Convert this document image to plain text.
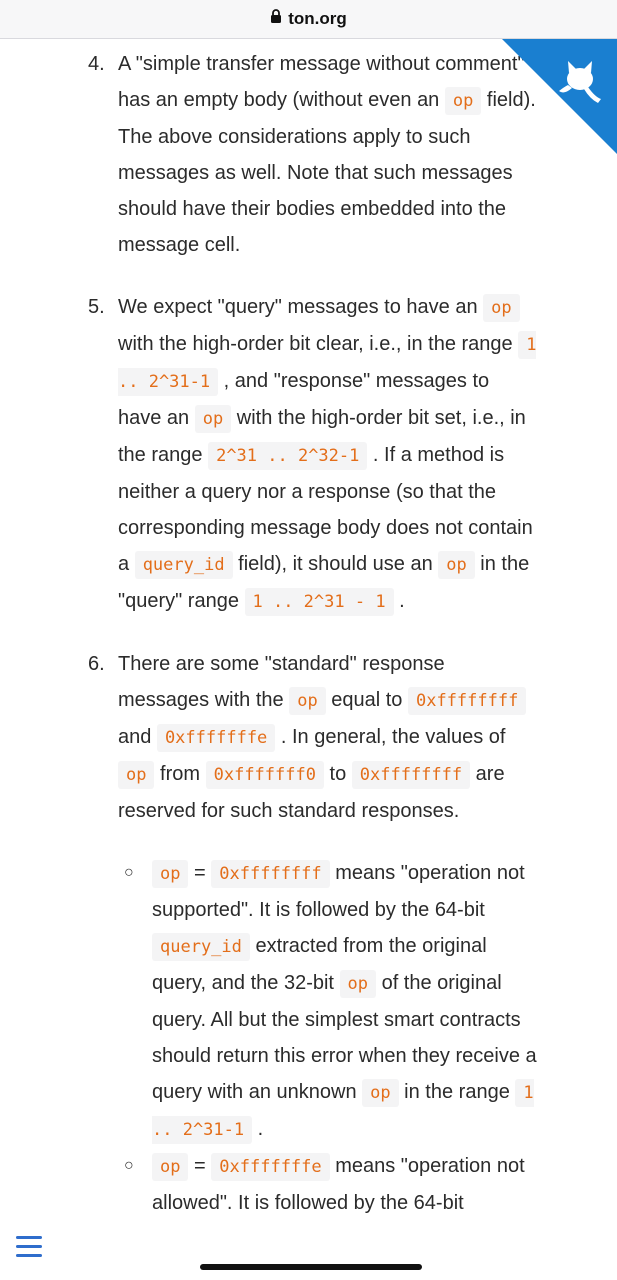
ton.org
4. A "simple transfer message without comment" has an empty body (without even an op field). The above considerations apply to such messages as well. Note that such messages should have their bodies embedded into the message cell.
5. We expect "query" messages to have an op with the high-order bit clear, i.e., in the range 1 .. 2^31-1 , and "response" messages to have an op with the high-order bit set, i.e., in the range 2^31 .. 2^32-1 . If a method is neither a query nor a response (so that the corresponding message body does not contain a query_id field), it should use an op in the "query" range 1 .. 2^31 - 1 .
6. There are some "standard" response messages with the op equal to 0xffffffff and 0xfffffffe . In general, the values of op from 0xfffffff0 to 0xffffffff are reserved for such standard responses.
○ op = 0xffffffff means "operation not supported". It is followed by the 64-bit query_id extracted from the original query, and the 32-bit op of the original query. All but the simplest smart contracts should return this error when they receive a query with an unknown op in the range 1 .. 2^31-1 .
○ op = 0xfffffffe means "operation not allowed". It is followed by the 64-bit
